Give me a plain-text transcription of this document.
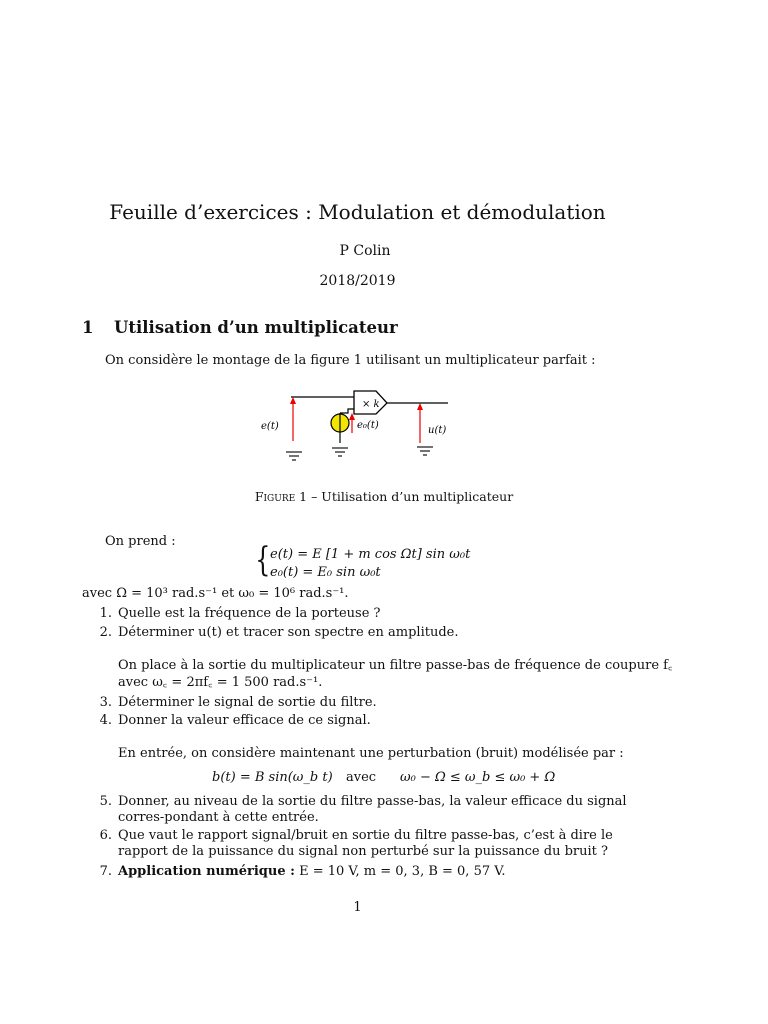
Feuille d’exercices : Modulation et démodulation
P Colin
2018/2019
1 Utilisation d’un multiplicateur
On considère le montage de la figure 1 utilisant un multiplicateur parfait :
× k
e(t)	e₀(t)	u(t)
Figure 1 – Utilisation d’un multiplicateur
On prend : { e(t) = E [1 + m cos Ωt] sin ω₀t
e₀(t) = E₀ sin ω₀t
avec Ω = 10³ rad.s⁻¹ et ω₀ = 10⁶ rad.s⁻¹.
1. Quelle est la fréquence de la porteuse ?
2. Déterminer u(t) et tracer son spectre en amplitude.
On place à la sortie du multiplicateur un filtre passe-bas de fréquence de coupure f꜀
avec ω꜀ = 2πf꜀ = 1 500 rad.s⁻¹.
3. Déterminer le signal de sortie du filtre.
4. Donner la valeur efficace de ce signal.
En entrée, on considère maintenant une perturbation (bruit) modélisée par :
b(t) = B sin(ω_b t) avec ω₀ − Ω ≤ ω_b ≤ ω₀ + Ω
5. Donner, au niveau de la sortie du filtre passe-bas, la valeur efficace du signal corres-pondant à cette entrée.
6. Que vaut le rapport signal/bruit en sortie du filtre passe-bas, c’est à dire le rapport de la puissance du signal non perturbé sur la puissance du bruit ?
7. Application numérique : E = 10 V, m = 0, 3, B = 0, 57 V.
1
